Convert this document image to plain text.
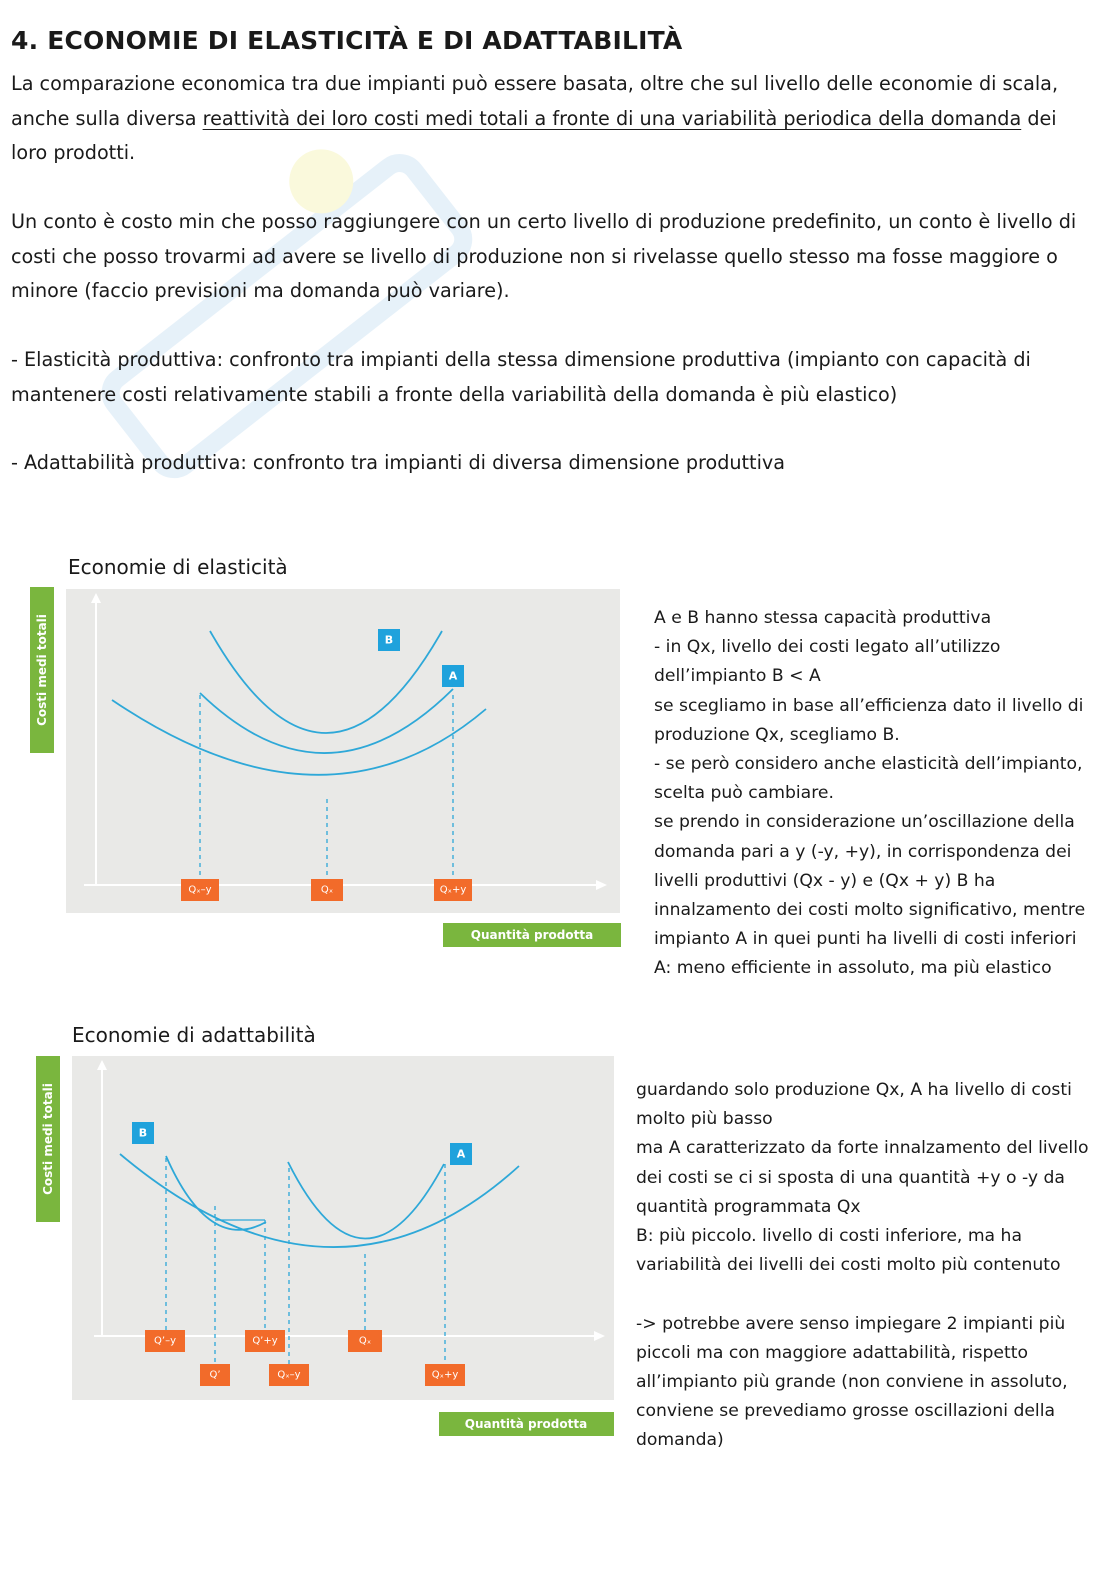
4. ECONOMIE DI ELASTICITÀ E DI ADATTABILITÀ

La comparazione economica tra due impianti può essere basata, oltre che sul livello delle economie di scala, anche sulla diversa reattività dei loro costi medi totali a fronte di una variabilità periodica della domanda dei loro prodotti.

Un conto è costo min che posso raggiungere con un certo livello di produzione predefinito, un conto è livello di costi che posso trovarmi ad avere se livello di produzione non si rivelasse quello stesso ma fosse maggiore o minore (faccio previsioni ma domanda può variare).

- Elasticità produttiva: confronto tra impianti della stessa dimensione produttiva (impianto con capacità di mantenere costi relativamente stabili a fronte della variabilità della domanda è più elastico)

- Adattabilità produttiva: confronto tra impianti di diversa dimensione produttiva

Economie di elasticità
Costi medi totali	B
A
Qₓ–y	Qₓ	Qₓ+y
Quantità prodotta

A e B hanno stessa capacità produttiva

- in Qx, livello dei costi legato all’utilizzo dell’impianto B < A

se scegliamo in base all’efficienza dato il livello di produzione Qx, scegliamo B.

- se però considero anche elasticità dell’impianto, scelta può cambiare.

se prendo in considerazione un’oscillazione della domanda pari a y (-y, +y), in corrispondenza dei livelli produttivi (Qx - y) e (Qx + y) B ha innalzamento dei costi molto significativo, mentre impianto A in quei punti ha livelli di costi inferiori

A: meno efficiente in assoluto, ma più elastico

Economie di adattabilità
Costi medi totali	B
A
Q’–y	Q’+y	Qₓ
Q’	Qₓ–y	Qₓ+y
Quantità prodotta

guardando solo produzione Qx, A ha livello di costi molto più basso

ma A caratterizzato da forte innalzamento del livello dei costi se ci si sposta di una quantità +y o -y da quantità programmata Qx

B: più piccolo. livello di costi inferiore, ma ha variabilità dei livelli dei costi molto più contenuto

-> potrebbe avere senso impiegare 2 impianti più piccoli ma con maggiore adattabilità, rispetto all’impianto più grande (non conviene in assoluto, conviene se prevediamo grosse oscillazioni della domanda)
